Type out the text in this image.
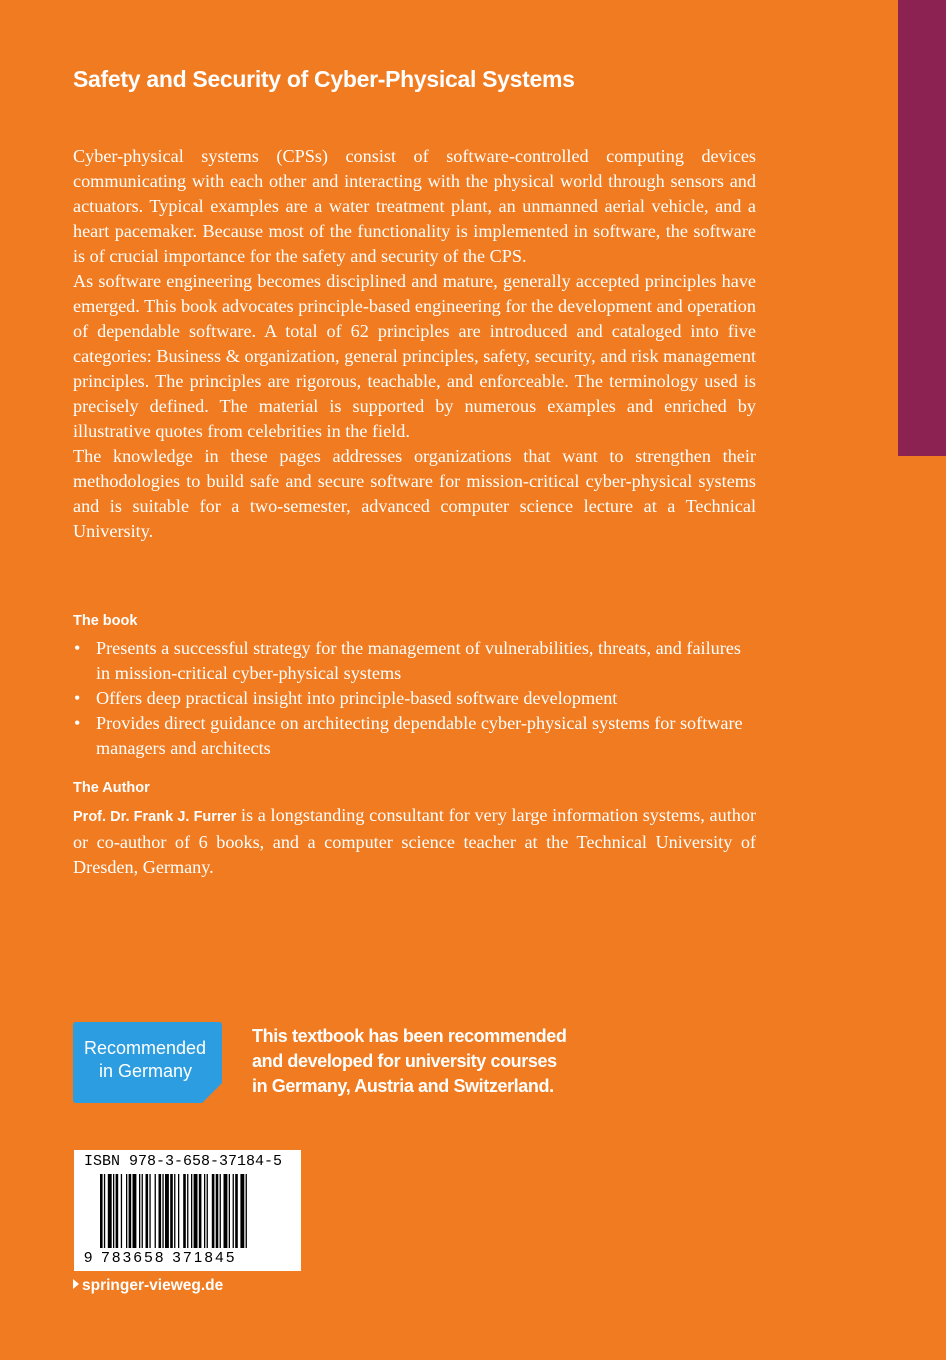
Safety and Security of Cyber-Physical Systems

Cyber-physical systems (CPSs) consist of software-controlled computing devices communicating with each other and interacting with the physical world through sensors and actuators. Typical examples are a water treatment plant, an unmanned aerial vehicle, and a heart pacemaker. Because most of the functionality is implemented in software, the software is of crucial importance for the safety and security of the CPS.

As software engineering becomes disciplined and mature, generally accepted principles have emerged. This book advocates principle-based engineering for the development and operation of dependable software. A total of 62 principles are introduced and cataloged into five categories: Business & organization, general principles, safety, security, and risk management principles. The principles are rigorous, teachable, and enforceable. The terminology used is precisely defined. The material is supported by numerous examples and enriched by illustrative quotes from celebrities in the field.

The knowledge in these pages addresses organizations that want to strengthen their methodologies to build safe and secure software for mission-critical cyber-physical systems and is suitable for a two-semester, advanced computer science lecture at a Technical University.

The book
• Presents a successful strategy for the management of vulnerabilities, threats, and failures in mission-critical cyber-physical systems
• Offers deep practical insight into principle-based software development
• Provides direct guidance on architecting dependable cyber-physical systems for software managers and architects
The Author

Prof. Dr. Frank J. Furrer is a longstanding consultant for very large information systems, author or co-author of 6 books, and a computer science teacher at the Technical University of Dresden, Germany.

Recommended
in Germany
This textbook has been recommended
and developed for university courses
in Germany, Austria and Switzerland.
ISBN 978-3-658-37184-5
9 783658 371845
springer-vieweg.de
